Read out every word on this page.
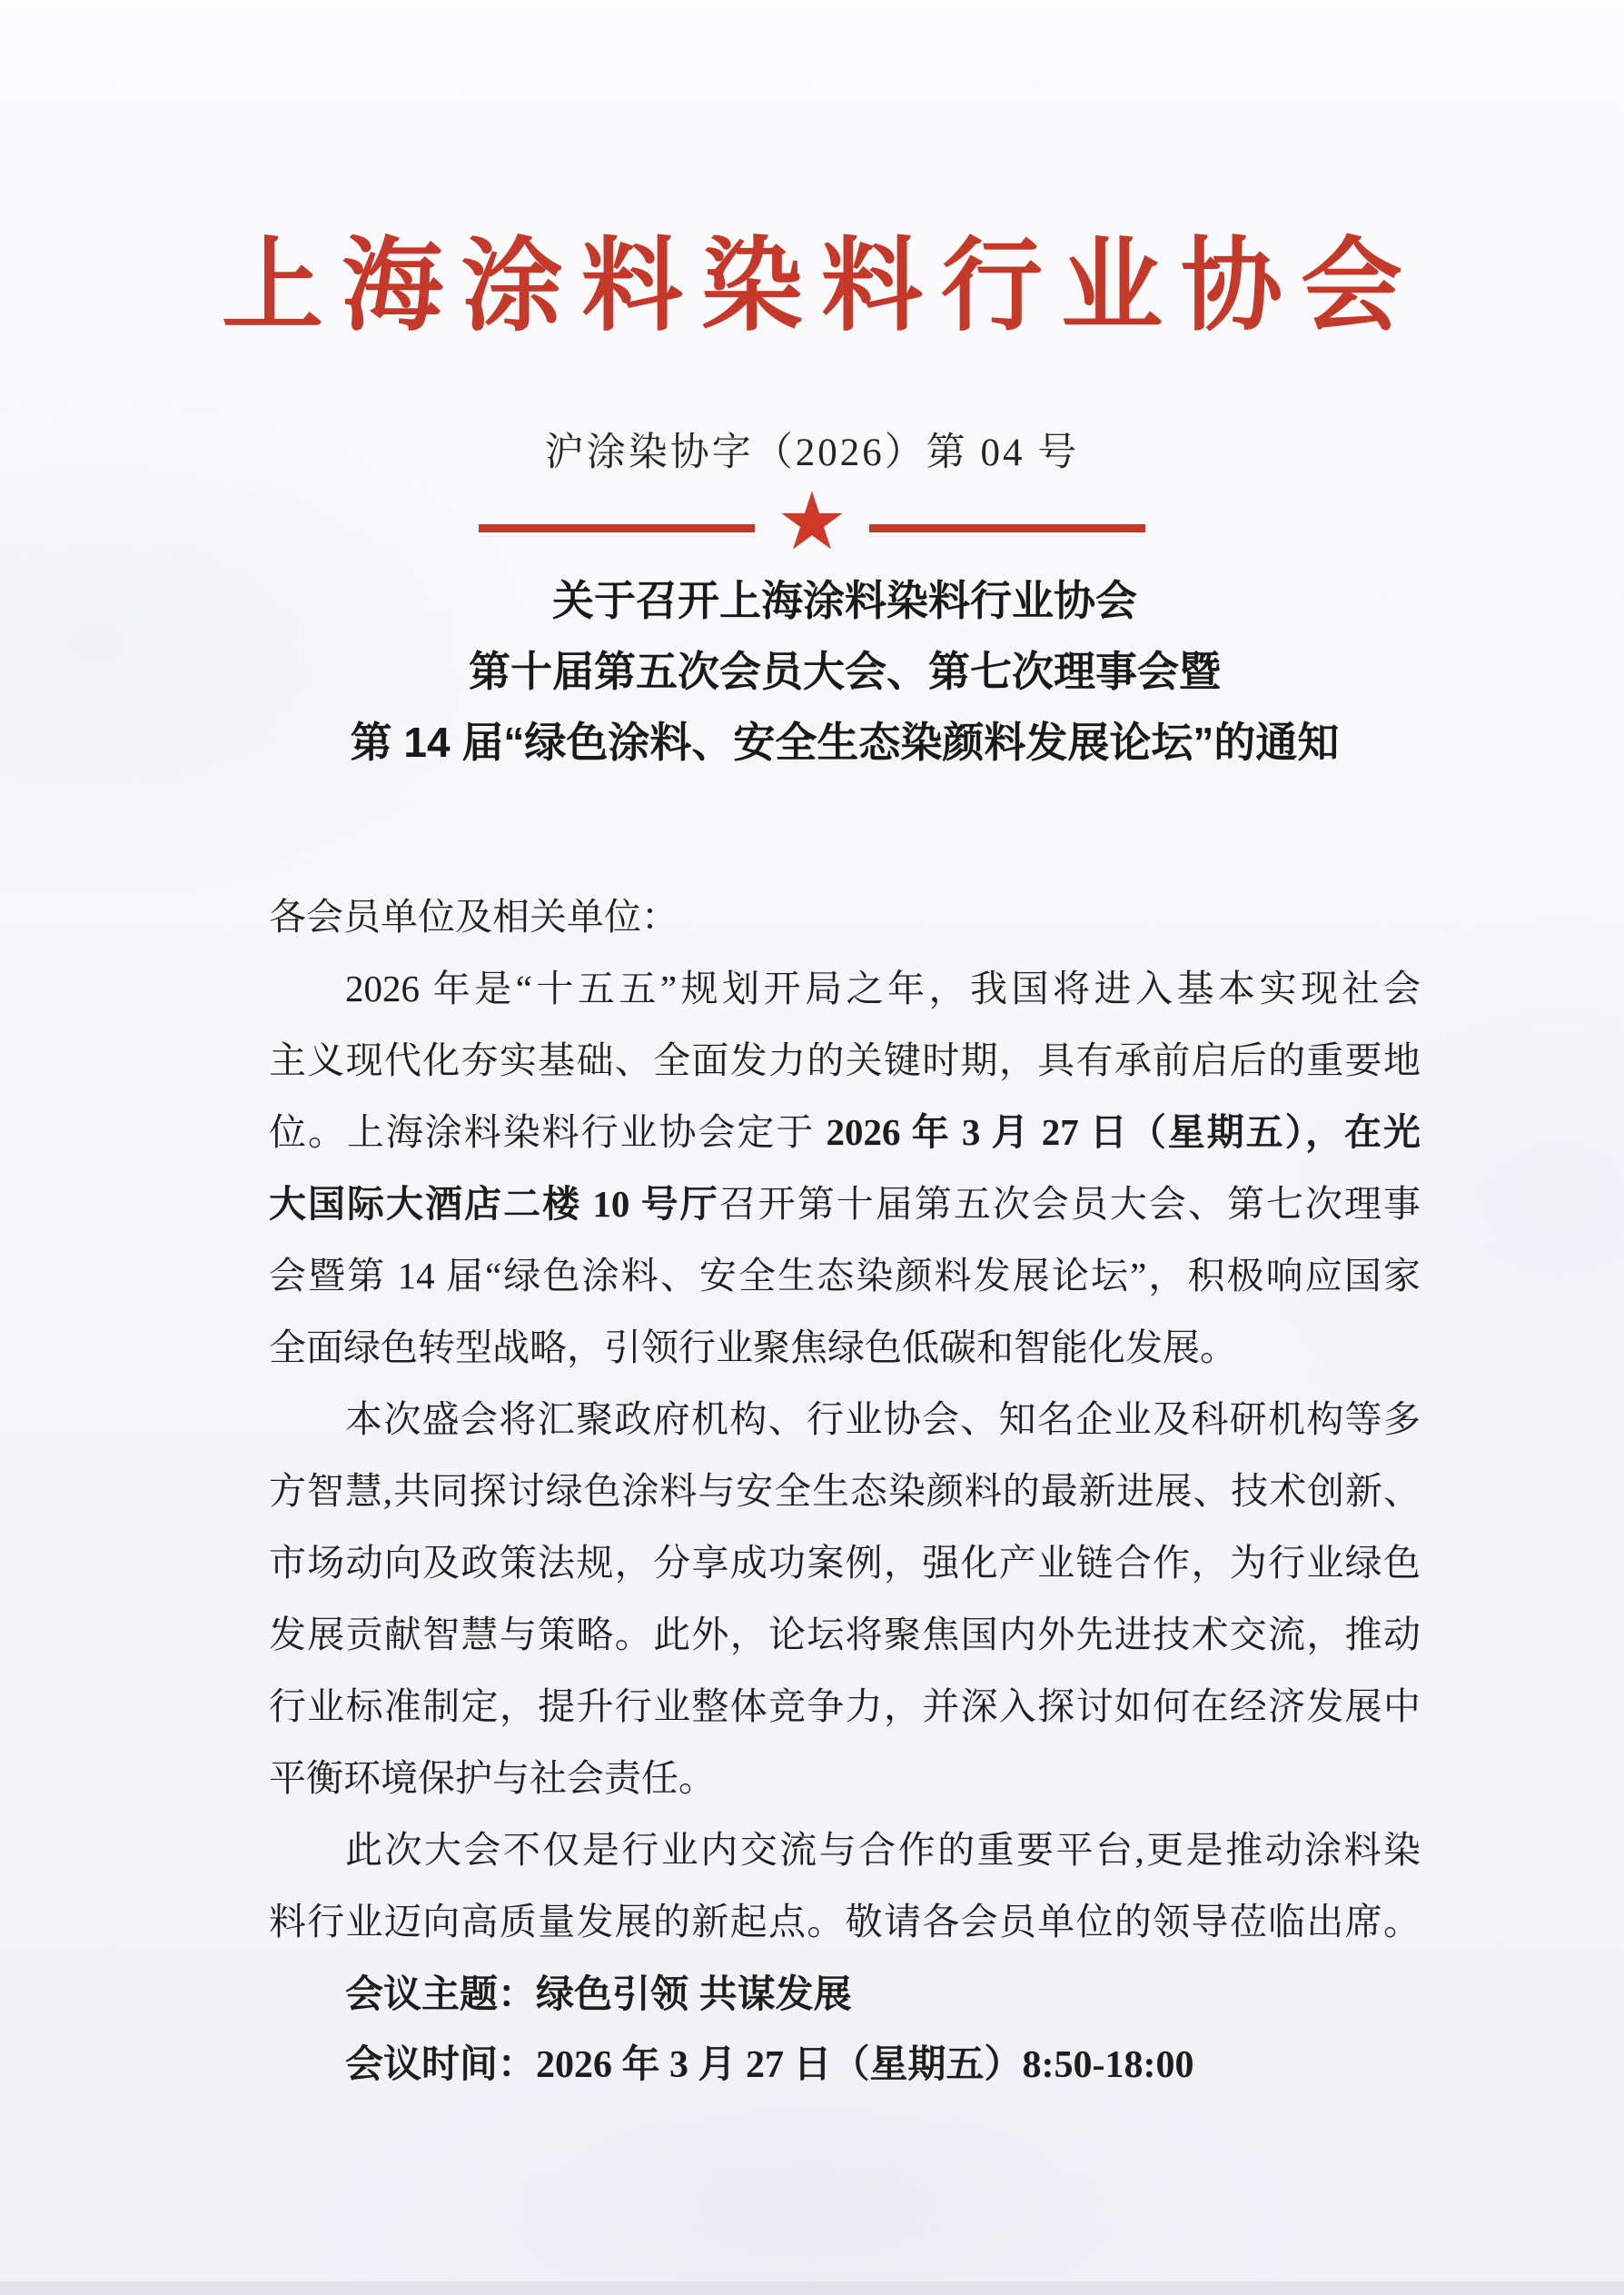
上海涂料染料行业协会
沪涂染协字（2026）第 04 号
★
关于召开上海涂料染料行业协会
第十届第五次会员大会、第七次理事会暨
第 14 届“绿色涂料、安全生态染颜料发展论坛”的通知
各会员单位及相关单位：
2026 年是“十五五”规划开局之年，我国将进入基本实现社会
主义现代化夯实基础、全面发力的关键时期，具有承前启后的重要地
位。上海涂料染料行业协会定于 2026 年 3 月 27 日（星期五），在光
大国际大酒店二楼 10 号厅召开第十届第五次会员大会、第七次理事
会暨第 14 届“绿色涂料、安全生态染颜料发展论坛”，积极响应国家
全面绿色转型战略，引领行业聚焦绿色低碳和智能化发展。
本次盛会将汇聚政府机构、行业协会、知名企业及科研机构等多
方智慧,共同探讨绿色涂料与安全生态染颜料的最新进展、技术创新、
市场动向及政策法规，分享成功案例，强化产业链合作，为行业绿色
发展贡献智慧与策略。此外，论坛将聚焦国内外先进技术交流，推动
行业标准制定，提升行业整体竞争力，并深入探讨如何在经济发展中
平衡环境保护与社会责任。
此次大会不仅是行业内交流与合作的重要平台,更是推动涂料染
料行业迈向高质量发展的新起点。敬请各会员单位的领导莅临出席。
会议主题：绿色引领 共谋发展
会议时间：2026 年 3 月 27 日（星期五）8:50-18:00
